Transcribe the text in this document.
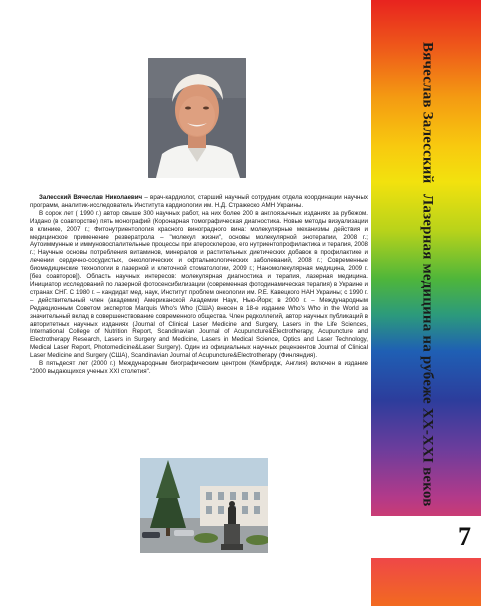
Залесский Вячеслав Николаевич – врач-кардиолог, старший научный сотрудник отдела координации научных программ, аналитик-исследователь Института кардиологии им. Н.Д. Стражеско АМН Украины.

В сорок лет ( 1990 г.) автор свыше 300 научных работ, на них более 200 в англоязычных изданиях за рубежом. Издано (в соавторстве) пять монографий (Коронарная томографическая диагностика. Новые методы визуализации в клинике, 2007 г.; Фитонутриентология красного виноградного вина: молекулярные механизмы действия и медицинское применение резвератрола – "молекул жизни", основы молекулярной энотерапии, 2008 г.; Аутоиммунные и иммуновоспалительные процессы при атеросклерозе, его нутриентопрофилактика и терапия, 2008 г.; Научные основы потребления витаминов, минералов и растительных диетических добавок в профилактике и лечении сердечно-сосудистых, онкологических и офтальмологических заболеваний, 2008 г.; Современные биомедицинские технологии в лазерной и клеточной стоматологии, 2009 г.; Наномолекулярная медицина, 2009 г. [без соавторов]). Область научных интересов: молекулярная диагностика и терапия, лазерная медицина. Инициатор исследований по лазерной фотосенсибилизации (современная фотодинамическая терапия) в Украине и странах СНГ. С 1980 г. – кандидат мед. наук, Институт проблем онкологии им. Р.Е. Кавецкого НАН Украины; с 1990 г. – действительный член (академик) Американской Академии Наук, Нью-Йорк; в 2000 г. – Международным Редакционным Советом экспертов Marquis Who's Who (США) внесен в 18-е издание Who's Who in the World за значительный вклад в совершенствование современного общества. Член редколлегий, автор научных публикаций в авторитетных научных изданиях (Journal of Clinical Laser Medicine and Surgery, Lasers in the Life Sciences, International College of Nutrition Report, Scandinavian Journal of Acupuncture&Electrotherapy, Acupuncture and Electrotherapy Research, Lasers in Surgery and Medicine, Lasers in Medical Science, Optics and Laser Technology, Medical Laser Report, Photomedicine&Laser Surgery). Один из официальных научных рецензентов Journal of Clinical Laser Medicine and Surgery (США), Scandinavian Journal of Acupuncture&Electrotherapy (Финляндия).

В пятьдесят лет (2000 г.) Международным биографическим центром (Кембридж, Англия) включен в издание "2000 выдающихся ученых XXI столетия".

Вячеслав Залесский
Лазерная медицина на рубеже XX-XXI веков
7
